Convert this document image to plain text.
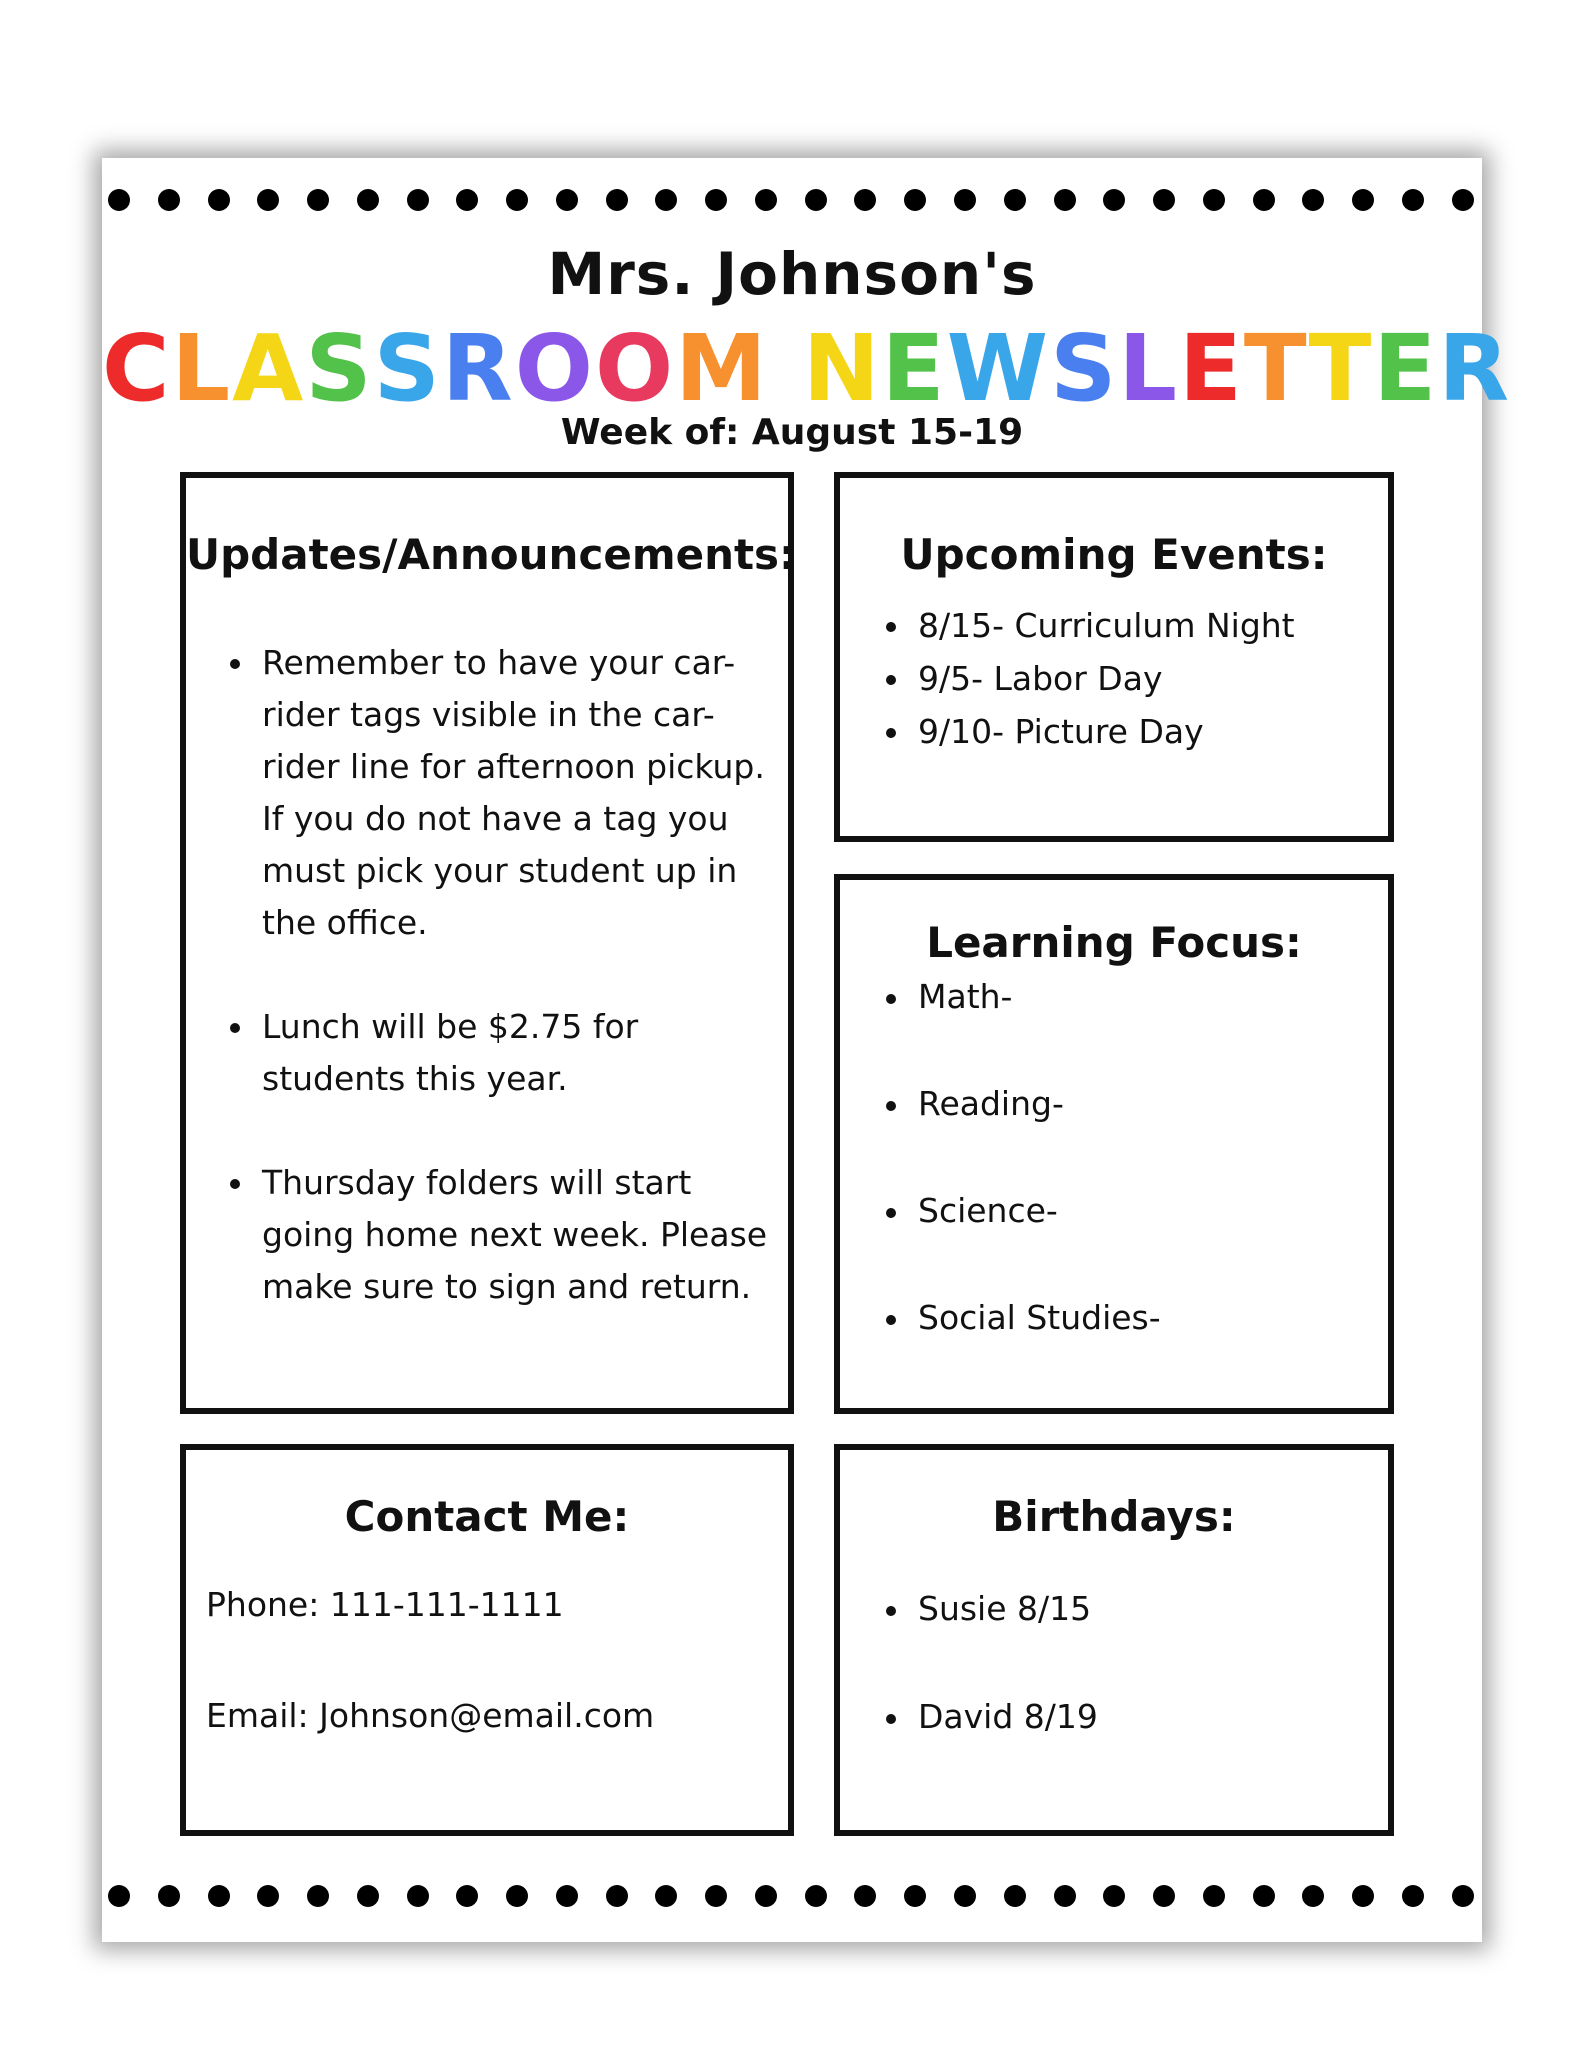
Mrs. Johnson's
CLASSROOM NEWSLETTER
Week of: August 15-19
Updates/Announcements:
Remember to have your car-rider tags visible in the car-rider line for afternoon pickup. If you do not have a tag you must pick your student up in the office.
Lunch will be $2.75 for students this year.
Thursday folders will start going home next week. Please make sure to sign and return.
Upcoming Events:
8/15- Curriculum Night
9/5- Labor Day
9/10- Picture Day
Learning Focus:
Math-
Reading-
Science-
Social Studies-
Contact Me:

Phone: 111-111-1111

Email: Johnson@email.com

Birthdays:
Susie 8/15
David 8/19
